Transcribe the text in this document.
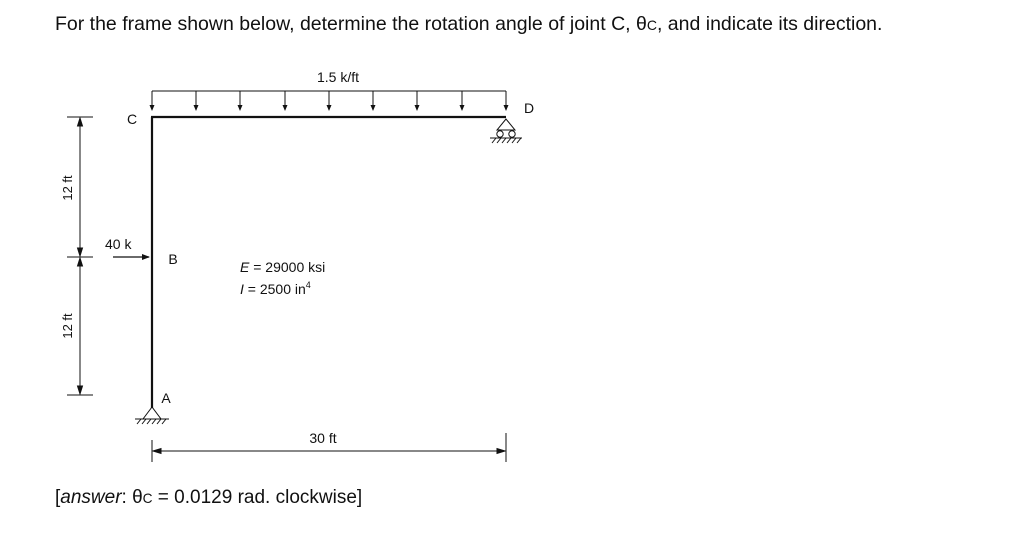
For the frame shown below, determine the rotation angle of joint C, θC, and indicate its direction.
1.5 k/ft
C
D
B
A
40 k
12 ft
12 ft
30 ft
E = 29000 ksi
I = 2500 $in^4$
[answer: θC = 0.0129 rad. clockwise]
